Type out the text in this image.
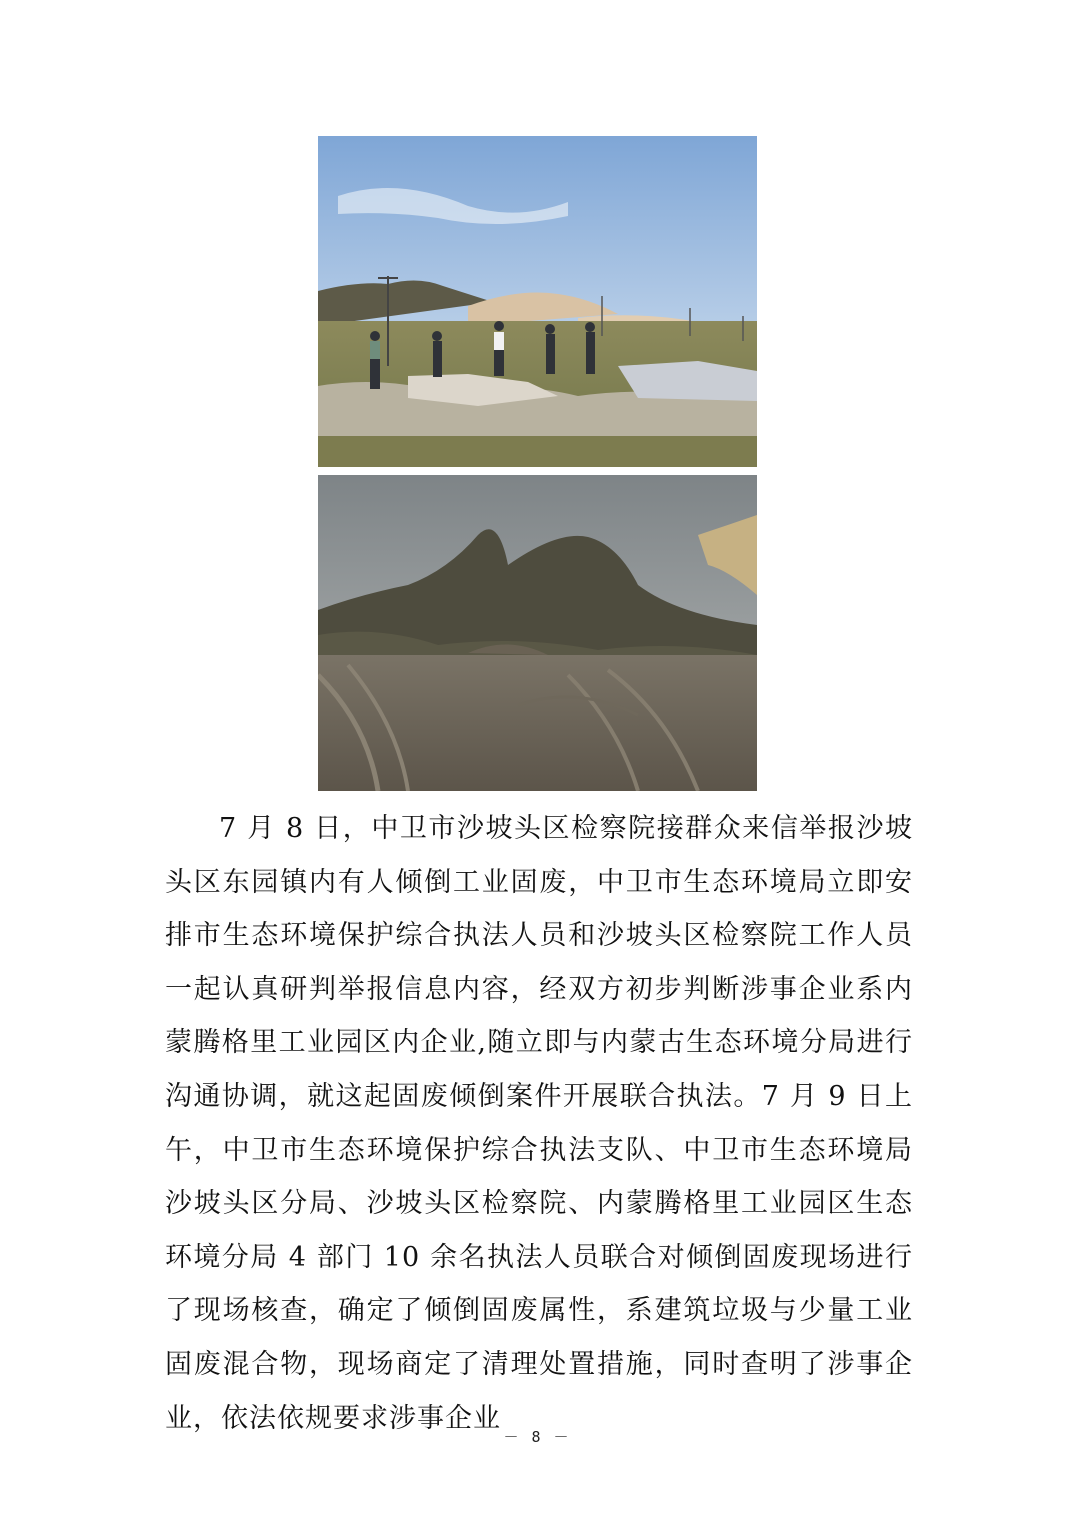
7 月 8 日，中卫市沙坡头区检察院接群众来信举报沙坡头区东园镇内有人倾倒工业固废，中卫市生态环境局立即安排市生态环境保护综合执法人员和沙坡头区检察院工作人员一起认真研判举报信息内容，经双方初步判断涉事企业系内蒙腾格里工业园区内企业,随立即与内蒙古生态环境分局进行沟通协调，就这起固废倾倒案件开展联合执法。7 月 9 日上午，中卫市生态环境保护综合执法支队、中卫市生态环境局沙坡头区分局、沙坡头区检察院、内蒙腾格里工业园区生态环境分局 4 部门 10 余名执法人员联合对倾倒固废现场进行了现场核查，确定了倾倒固废属性，系建筑垃圾与少量工业固废混合物，现场商定了清理处置措施，同时查明了涉事企业，依法依规要求涉事企业

－ 8 －
